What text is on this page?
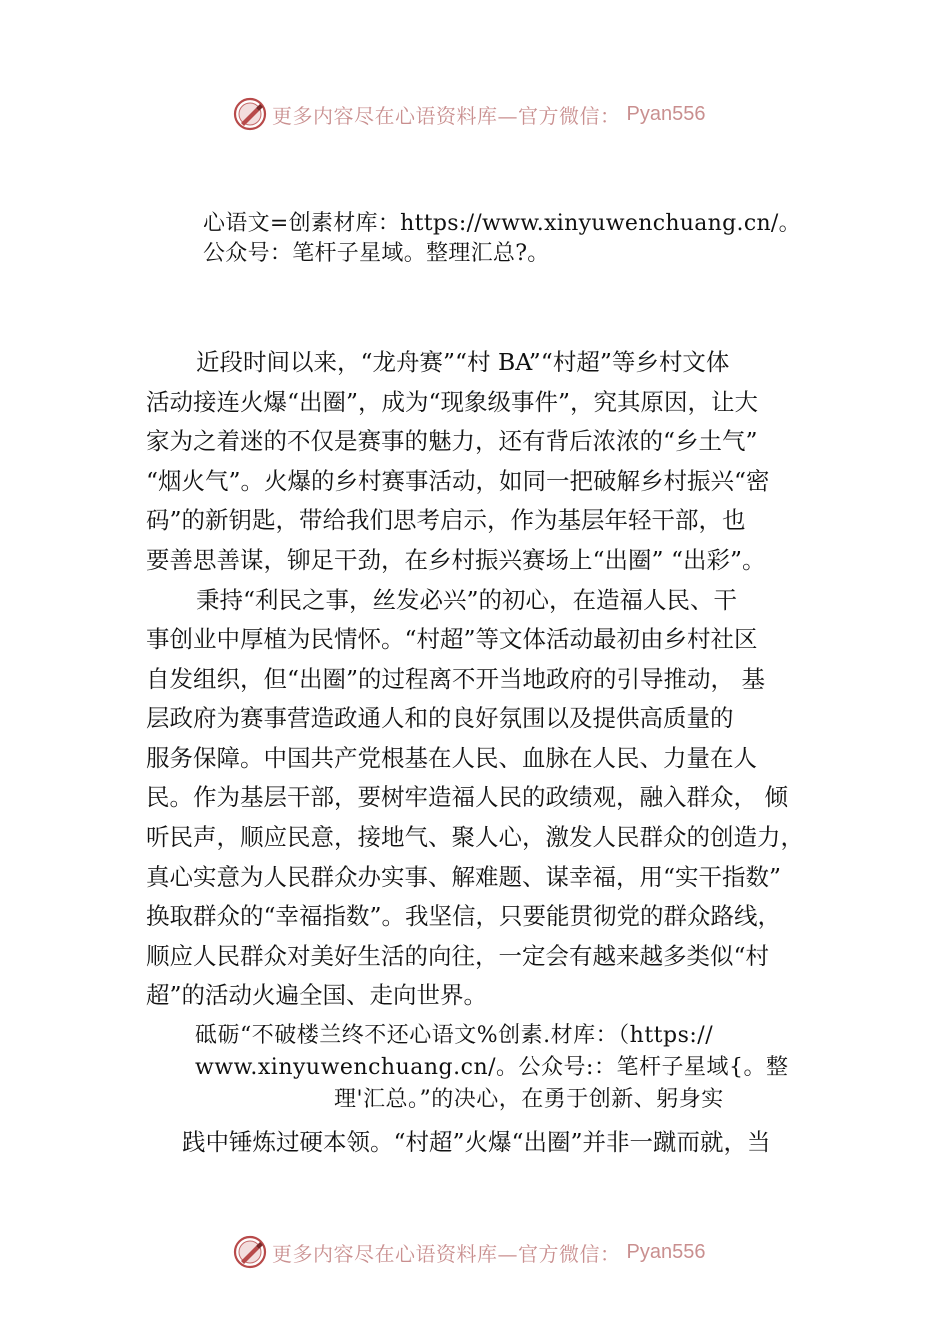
更多内容尽在心语资料库—官方微信： Pyan556
心语文=创素材库：https://www.xinyuwenchuang.cn/。
公众号：笔杆子星域。整理汇总?。
近段时间以来，“龙舟赛”“村 BA”“村超”等乡村文体
活动接连火爆“出圈”，成为“现象级事件”，究其原因，让大
家为之着迷的不仅是赛事的魅力，还有背后浓浓的“乡土气”
“烟火气”。火爆的乡村赛事活动，如同一把破解乡村振兴“密
码”的新钥匙，带给我们思考启示，作为基层年轻干部，也
要善思善谋，铆足干劲，在乡村振兴赛场上“出圈” “出彩”。
秉持“利民之事，丝发必兴”的初心，在造福人民、干
事创业中厚植为民情怀。“村超”等文体活动最初由乡村社区
自发组织，但“出圈”的过程离不开当地政府的引导推动， 基
层政府为赛事营造政通人和的良好氛围以及提供高质量的
服务保障。中国共产党根基在人民、血脉在人民、力量在人
民。作为基层干部，要树牢造福人民的政绩观，融入群众， 倾
听民声，顺应民意，接地气、聚人心，激发人民群众的创造力，
真心实意为人民群众办实事、解难题、谋幸福，用“实干指数”
换取群众的“幸福指数”。我坚信，只要能贯彻党的群众路线，
顺应人民群众对美好生活的向往，一定会有越来越多类似“村
超”的活动火遍全国、走向世界。
砥砺“不破楼兰终不还心语文%创素.材库：（https://
www.xinyuwenchuang.cn/。公众号:：笔杆子星域{。整
理'汇总。”的决心，在勇于创新、躬身实
践中锤炼过硬本领。“村超”火爆“出圈”并非一蹴而就，当
更多内容尽在心语资料库—官方微信： Pyan556
